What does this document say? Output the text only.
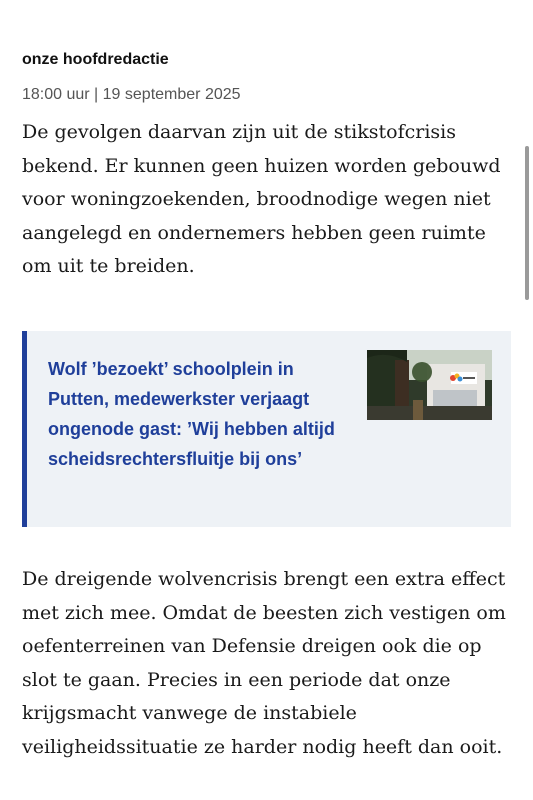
onze hoofdredactie
18:00 uur | 19 september 2025

De gevolgen daarvan zijn uit de stikstofcrisis bekend. Er kunnen geen huizen worden gebouwd voor woningzoekenden, broodnodige wegen niet aangelegd en ondernemers hebben geen ruimte om uit te breiden.

Wolf ’bezoekt’ schoolplein in Putten, medewerkster verjaagt ongenode gast: ’Wij hebben altijd scheidsrechtersfluitje bij ons’

De dreigende wolvencrisis brengt een extra effect met zich mee. Omdat de beesten zich vestigen om oefenterreinen van Defensie dreigen ook die op slot te gaan. Precies in een periode dat onze krijgsmacht vanwege de instabiele veiligheidssituatie ze harder nodig heeft dan ooit.
